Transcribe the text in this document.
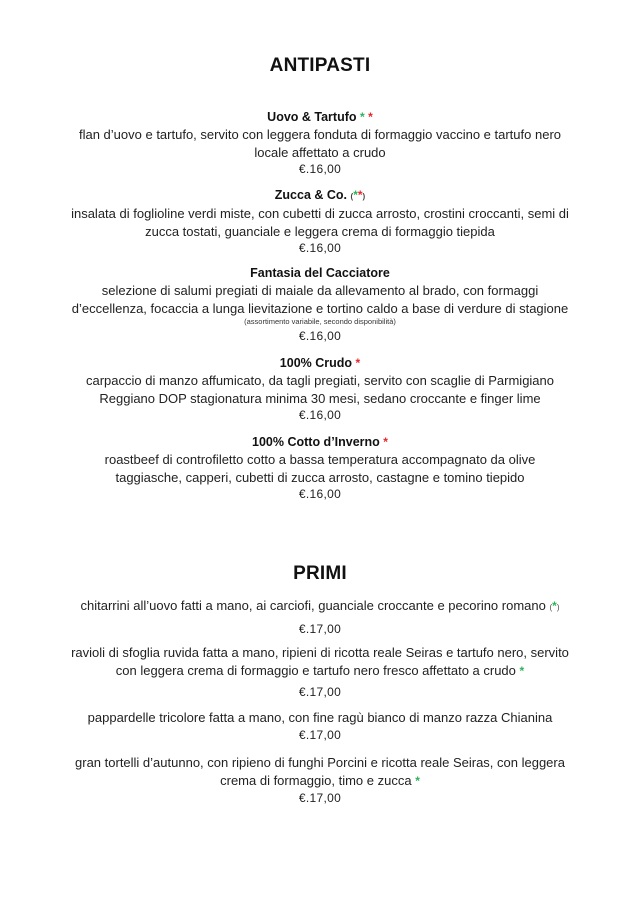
ANTIPASTI
Uovo & Tartufo * *
flan d’uovo e tartufo, servito con leggera fonduta di formaggio vaccino e tartufo nero
locale affettato a crudo
€.16,00
Zucca & Co. (**)
insalata di foglioline verdi miste, con cubetti di zucca arrosto, crostini croccanti, semi di
zucca tostati, guanciale e leggera crema di formaggio tiepida
€.16,00
Fantasia del Cacciatore
selezione di salumi pregiati di maiale da allevamento al brado, con formaggi
d’eccellenza, focaccia a lunga lievitazione e tortino caldo a base di verdure di stagione
(assortimento variabile, secondo disponibilità)
€.16,00
100% Crudo *
carpaccio di manzo affumicato, da tagli pregiati, servito con scaglie di Parmigiano
Reggiano DOP stagionatura minima 30 mesi, sedano croccante e finger lime
€.16,00
100% Cotto d’Inverno *
roastbeef di controfiletto cotto a bassa temperatura accompagnato da olive
taggiasche, capperi, cubetti di zucca arrosto, castagne e tomino tiepido
€.16,00
PRIMI
chitarrini all’uovo fatti a mano, ai carciofi, guanciale croccante e pecorino romano (*)
€.17,00
ravioli di sfoglia ruvida fatta a mano, ripieni di ricotta reale Seiras e tartufo nero, servito
con leggera crema di formaggio e tartufo nero fresco affettato a crudo *
€.17,00
pappardelle tricolore fatta a mano, con fine ragù bianco di manzo razza Chianina
€.17,00
gran tortelli d’autunno, con ripieno di funghi Porcini e ricotta reale Seiras, con leggera
crema di formaggio, timo e zucca *
€.17,00
